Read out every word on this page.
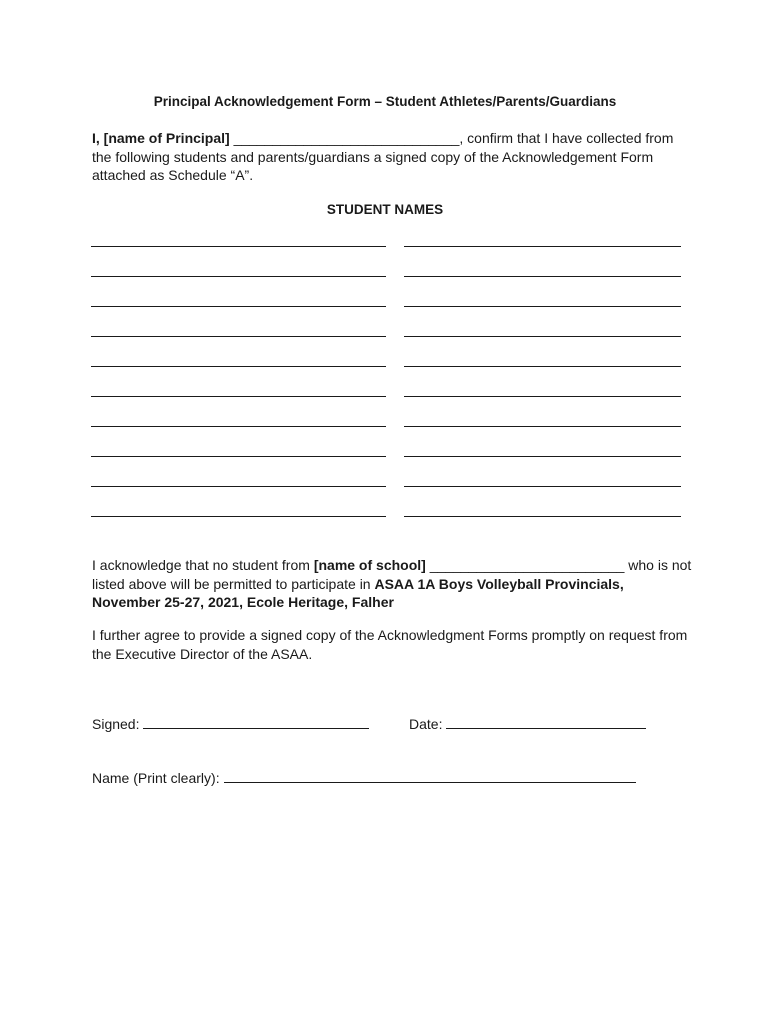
Principal Acknowledgement Form – Student Athletes/Parents/Guardians
I, [name of Principal] _____________________________, confirm that I have collected from the following students and parents/guardians a signed copy of the Acknowledgement Form attached as Schedule “A”.
STUDENT NAMES
I acknowledge that no student from [name of school] _________________________ who is not listed above will be permitted to participate in ASAA 1A Boys Volleyball Provincials, November 25-27, 2021, Ecole Heritage, Falher
I further agree to provide a signed copy of the Acknowledgment Forms promptly on request from the Executive Director of the ASAA.
Signed:	Date:
Name (Print clearly):
